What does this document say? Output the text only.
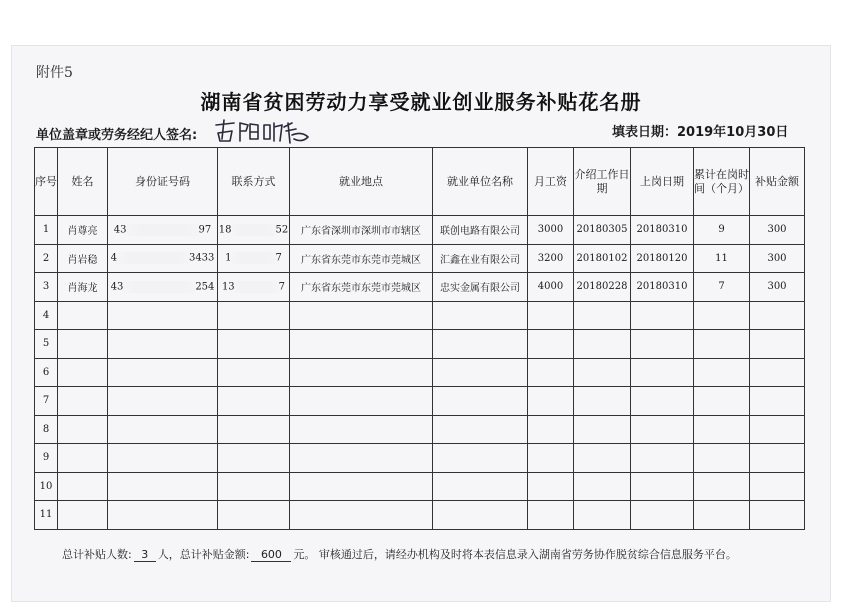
附件5
湖南省贫困劳动力享受就业创业服务补贴花名册
单位盖章或劳务经纪人签名:	填表日期：2019年10月30日
序号	姓名	身份证号码	联系方式	就业地点	就业单位名称	月工资	介绍工作日期	上岗日期	累计在岗时间（个月）	补贴金额
1	肖尊亮	43 97	18 52	广东省深圳市深圳市市辖区	联创电路有限公司	3000	20180305	20180310	9	300
2	肖岩稳	4 3433	1 7	广东省东莞市东莞市莞城区	汇鑫在业有限公司	3200	20180102	20180120	11	300
3	肖海龙	43 254	13 7	广东省东莞市东莞市莞城区	忠实金属有限公司	4000	20180228	20180310	7	300
4										
5										
6										
7										
8										
9										
10										
11										
总计补贴人数: 3 人，总计补贴金额: 600 元。 审核通过后，请经办机构及时将本表信息录入湖南省劳务协作脱贫综合信息服务平台。
